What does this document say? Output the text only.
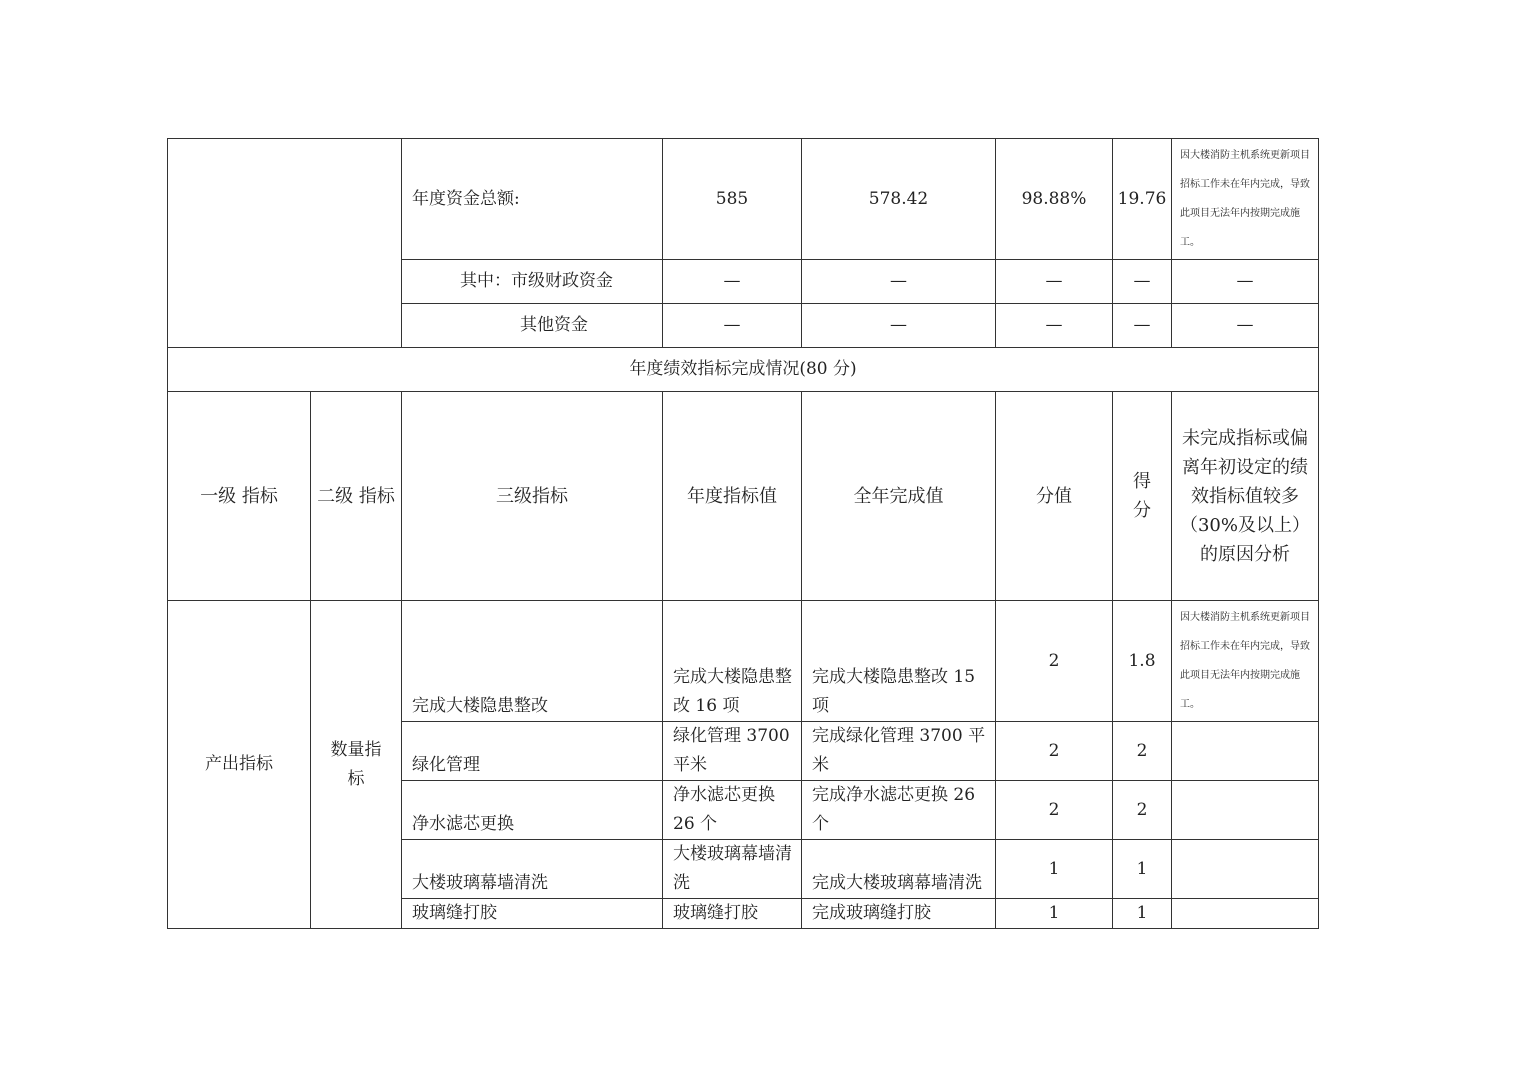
		年度资金总额:	585	578.42	98.88%	19.76	因大楼消防主机系统更新项目招标工作未在年内完成，导致此项目无法年内按期完成施工。
		其中：市级财政资金	—	—	—	—	—
		其他资金	—	—	—	—	—
年度绩效指标完成情况(80 分)							
一级 指标	二级 指标	三级指标	年度指标值	全年完成值	分值	得分	未完成指标或偏离年初设定的绩效指标值较多（30%及以上）的原因分析
产出指标	数量指标	完成大楼隐患整改	完成大楼隐患整改 16 项	完成大楼隐患整改 15 项	2	1.8	因大楼消防主机系统更新项目招标工作未在年内完成，导致此项目无法年内按期完成施工。
		绿化管理	绿化管理 3700 平米	完成绿化管理 3700 平米	2	2	
		净水滤芯更换	净水滤芯更换 26 个	完成净水滤芯更换 26 个	2	2	
		大楼玻璃幕墙清洗	大楼玻璃幕墙清洗	完成大楼玻璃幕墙清洗	1	1	
		玻璃缝打胶	玻璃缝打胶	完成玻璃缝打胶	1	1	
